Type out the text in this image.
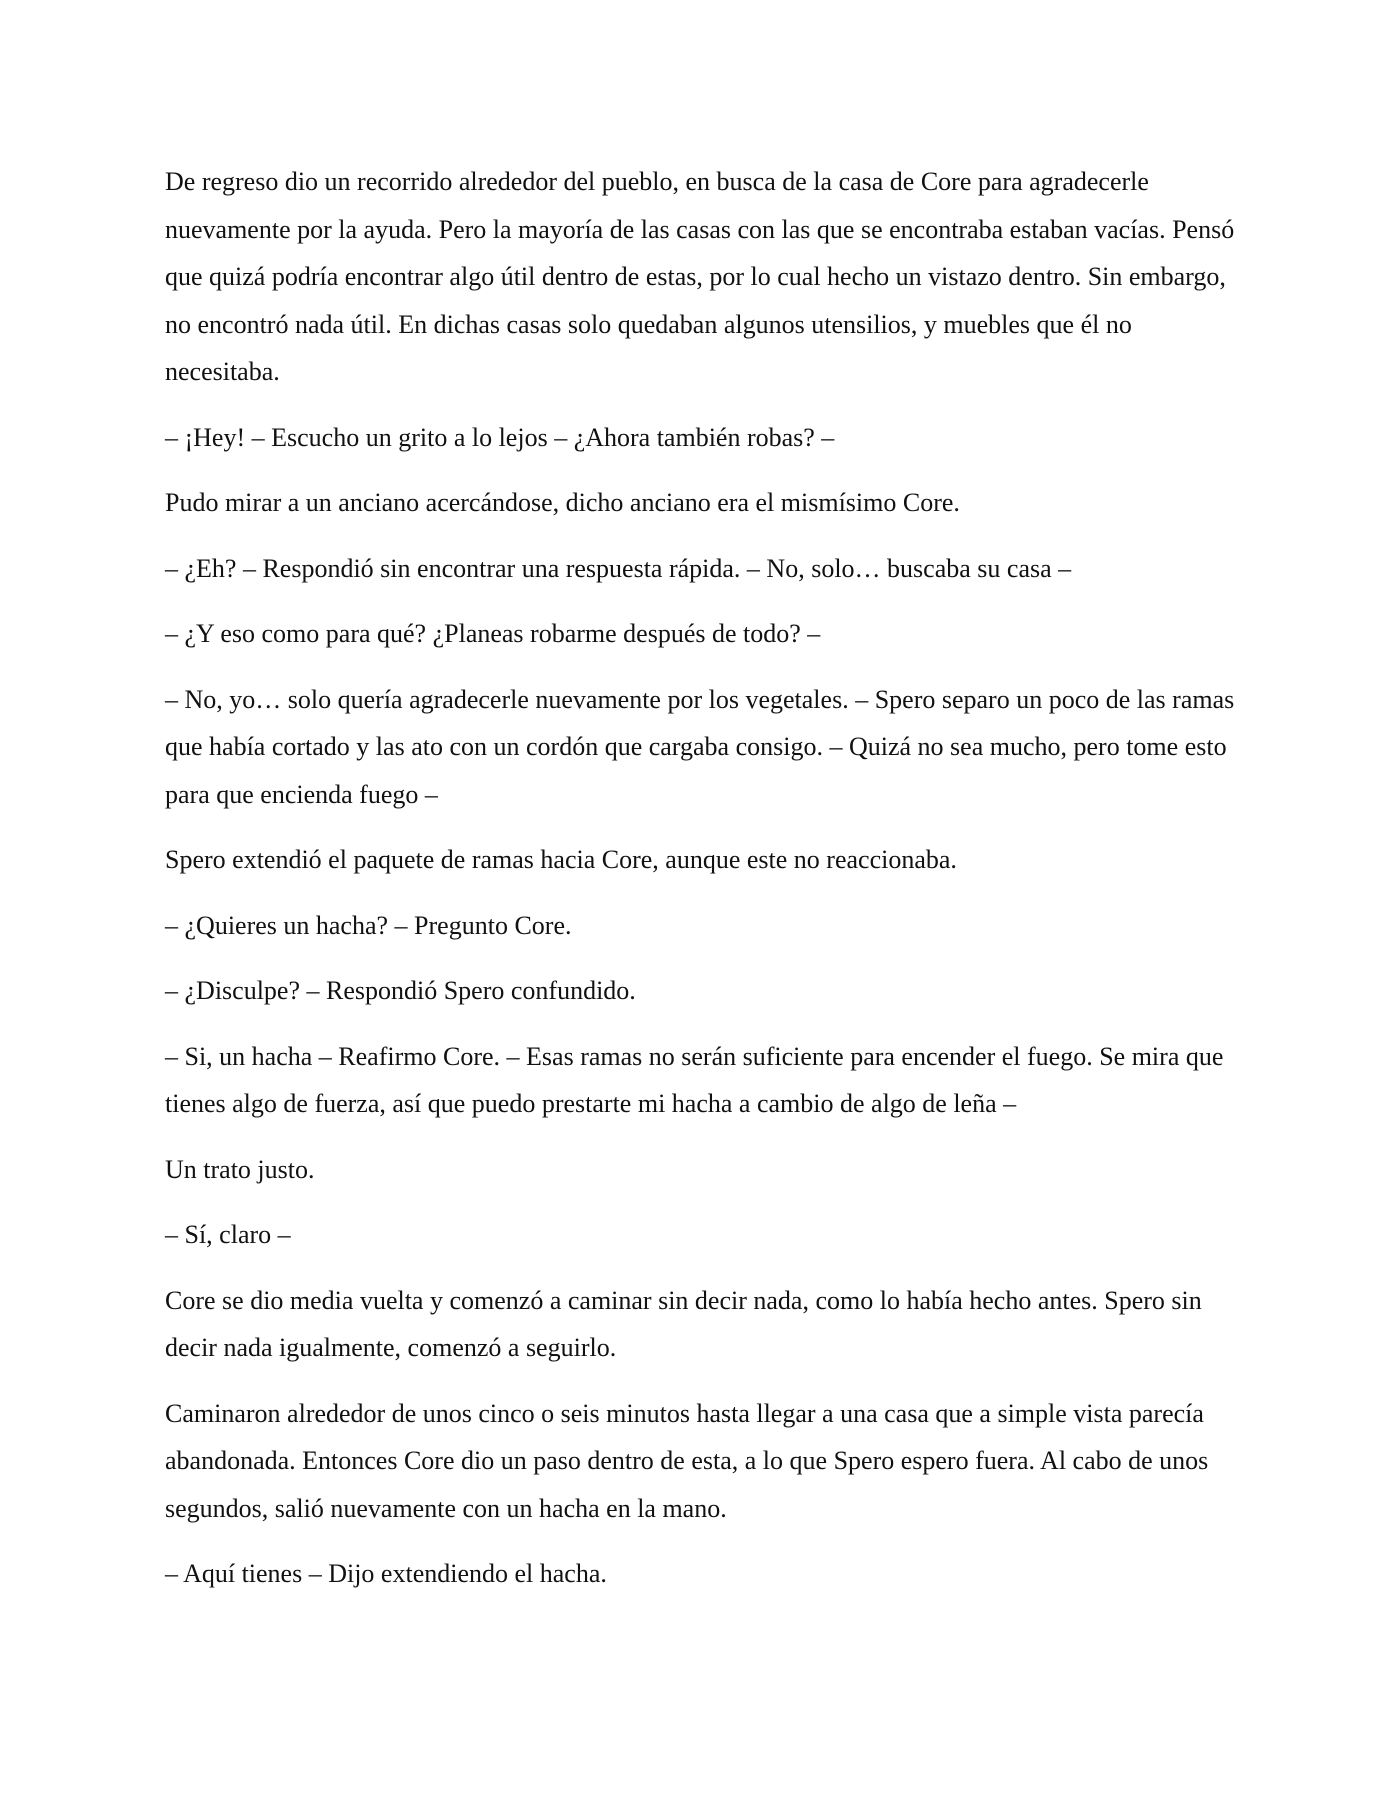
De regreso dio un recorrido alrededor del pueblo, en busca de la casa de Core para agradecerle nuevamente por la ayuda. Pero la mayoría de las casas con las que se encontraba estaban vacías. Pensó que quizá podría encontrar algo útil dentro de estas, por lo cual hecho un vistazo dentro. Sin embargo, no encontró nada útil. En dichas casas solo quedaban algunos utensilios, y muebles que él no necesitaba.

– ¡Hey! – Escucho un grito a lo lejos – ¿Ahora también robas? –

Pudo mirar a un anciano acercándose, dicho anciano era el mismísimo Core.

– ¿Eh? – Respondió sin encontrar una respuesta rápida. – No, solo… buscaba su casa –

– ¿Y eso como para qué? ¿Planeas robarme después de todo? –

– No, yo… solo quería agradecerle nuevamente por los vegetales. – Spero separo un poco de las ramas que había cortado y las ato con un cordón que cargaba consigo. – Quizá no sea mucho, pero tome esto para que encienda fuego –

Spero extendió el paquete de ramas hacia Core, aunque este no reaccionaba.

– ¿Quieres un hacha? – Pregunto Core.

– ¿Disculpe? – Respondió Spero confundido.

– Si, un hacha – Reafirmo Core. – Esas ramas no serán suficiente para encender el fuego. Se mira que tienes algo de fuerza, así que puedo prestarte mi hacha a cambio de algo de leña –

Un trato justo.

– Sí, claro –

Core se dio media vuelta y comenzó a caminar sin decir nada, como lo había hecho antes. Spero sin decir nada igualmente, comenzó a seguirlo.

Caminaron alrededor de unos cinco o seis minutos hasta llegar a una casa que a simple vista parecía abandonada. Entonces Core dio un paso dentro de esta, a lo que Spero espero fuera. Al cabo de unos segundos, salió nuevamente con un hacha en la mano.

– Aquí tienes – Dijo extendiendo el hacha.
